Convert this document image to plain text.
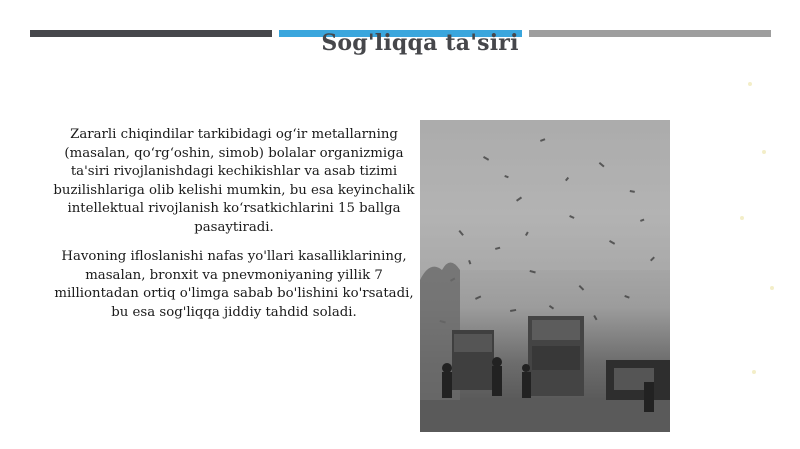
Sog'liqqa ta'siri
Zararli chiqindilar tarkibidagi og‘ir metallarning (masalan, qo‘rg‘oshin, simob) bolalar organizmiga ta'siri rivojlanishdagi kechikishlar va asab tizimi buzilishlariga olib kelishi mumkin, bu esa keyinchalik intellektual rivojlanish ko‘rsatkichlarini 15 ballga pasaytiradi.
Havoning ifloslanishi nafas yo'llari kasalliklarining, masalan, bronxit va pnevmoniyaning yillik 7 milliontadan ortiq o'limga sabab bo'lishini ko'rsatadi, bu esa sog'liqqa jiddiy tahdid soladi.
